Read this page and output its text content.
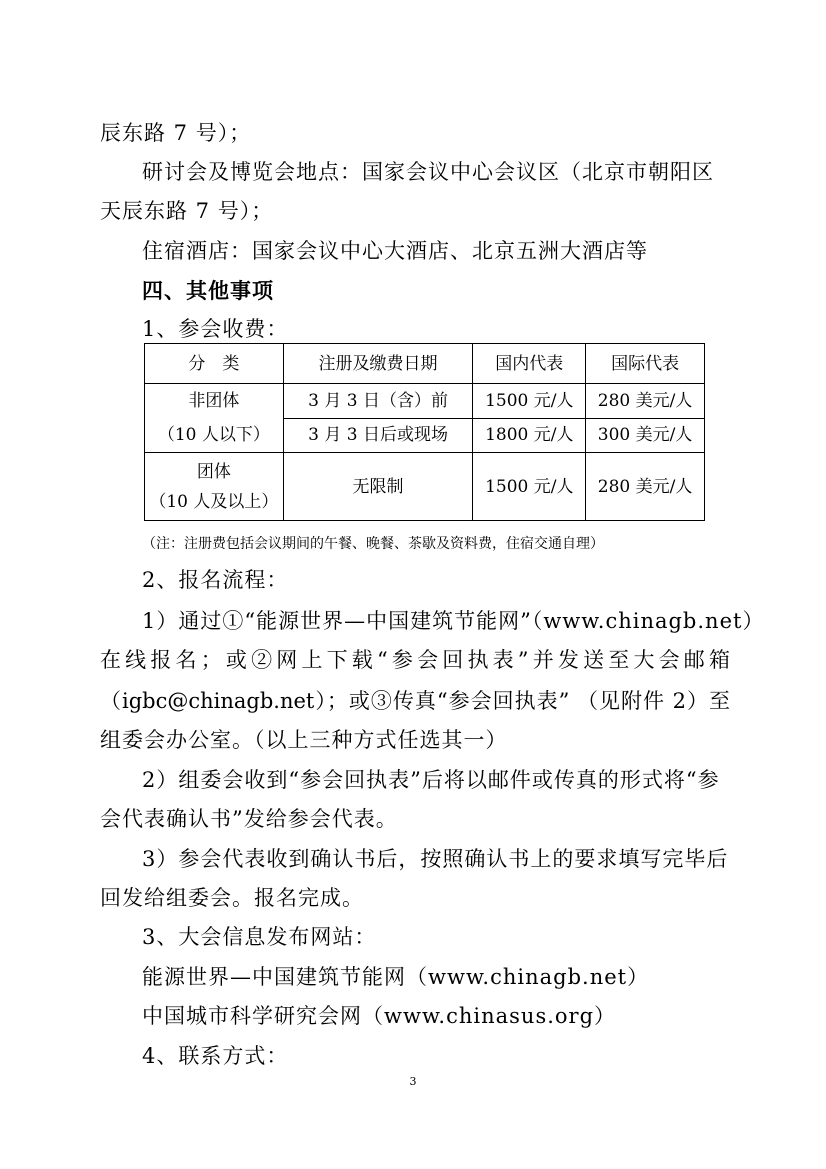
辰东路 7 号）；
研讨会及博览会地点：国家会议中心会议区（北京市朝阳区
天辰东路 7 号）；
住宿酒店：国家会议中心大酒店、北京五洲大酒店等
四、其他事项
1、参会收费：
分　类	注册及缴费日期	国内代表	国际代表

非团体
（10 人以下）	3 月 3 日（含）前	1500 元/人	280 美元/人
	3 月 3 日后或现场	1800 元/人	300 美元/人

团体
（10 人及以上）	无限制	1500 元/人	280 美元/人
（注：注册费包括会议期间的午餐、晚餐、茶歇及资料费，住宿交通自理）
2、报名流程：
1）通过①“能源世界—中国建筑节能网”（www.chinagb.net）
在线报名；或②网上下载“参会回执表”并发送至大会邮箱
（igbc@chinagb.net）；或③传真“参会回执表” （见附件 2）至
组委会办公室。（以上三种方式任选其一）
2）组委会收到“参会回执表”后将以邮件或传真的形式将“参
会代表确认书”发给参会代表。
3）参会代表收到确认书后，按照确认书上的要求填写完毕后
回发给组委会。报名完成。
3、大会信息发布网站：
能源世界—中国建筑节能网（www.chinagb.net）
中国城市科学研究会网（www.chinasus.org）
4、联系方式：
3
